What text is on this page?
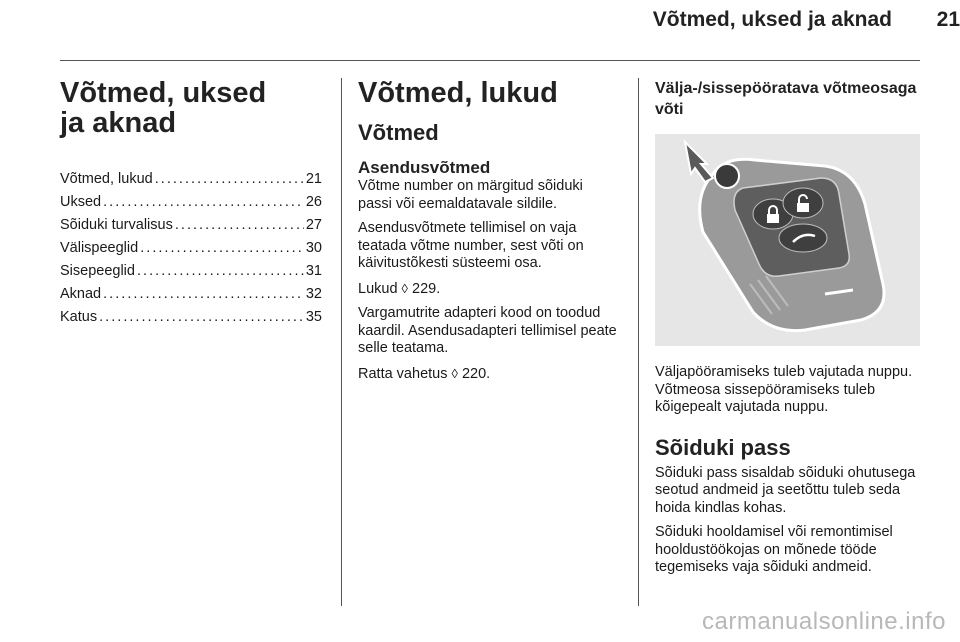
Võtmed, uksed ja aknad 21
Võtmed, uksed ja aknad
Võtmed, lukud . . .	21
Uksed . . .	26
Sõiduki turvalisus . . .	27
Välispeeglid . . .	30
Sisepeeglid . . .	31
Aknad . . .	32
Katus . . .	35
Võtmed, lukud
Võtmed
Asendusvõtmed

Võtme number on märgitud sõiduki passi või eemaldatavale sildile.

Asendusvõtmete tellimisel on vaja teatada võtme number, sest võti on käivitustõkesti süsteemi osa.

Lukud ◊ 229.

Vargamutrite adapteri kood on toodud kaardil. Asendusadapteri tellimisel peate selle teatama.

Ratta vahetus ◊ 220.

Välja-/sissepööratava võtmeosaga võti

Väljapööramiseks tuleb vajutada nuppu. Võtmeosa sissepööramiseks tuleb kõigepealt vajutada nuppu.

Sõiduki pass

Sõiduki pass sisaldab sõiduki ohutusega seotud andmeid ja seetõttu tuleb seda hoida kindlas kohas.

Sõiduki hooldamisel või remontimisel hooldustöökojas on mõnede tööde tegemiseks vaja sõiduki andmeid.

carmanualsonline.info
